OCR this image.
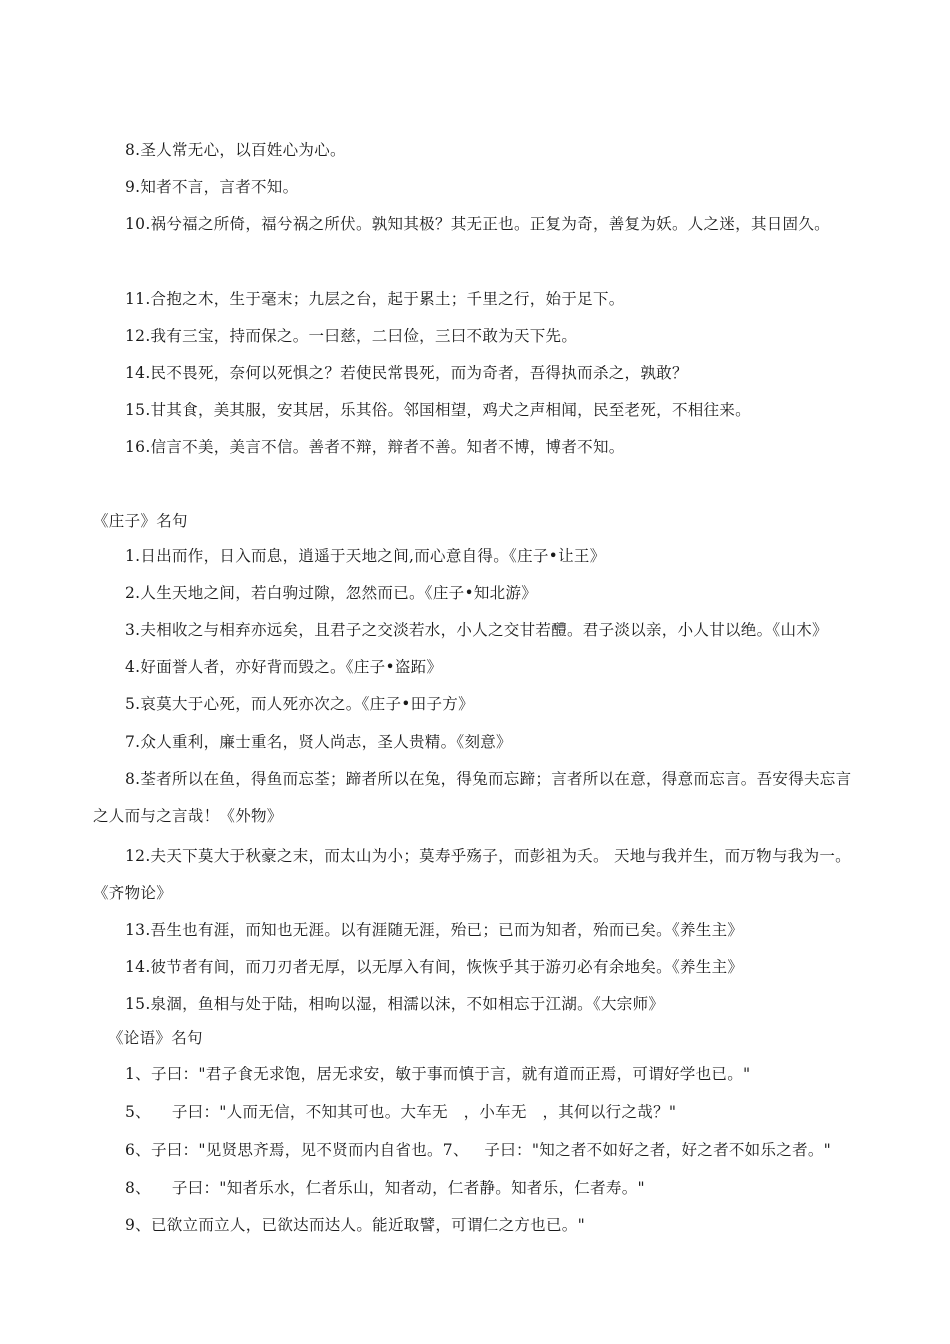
8.圣人常无心，以百姓心为心。
9.知者不言，言者不知。
10.祸兮福之所倚，福兮祸之所伏。孰知其极？其无正也。正复为奇，善复为妖。人之迷，其日固久。
11.合抱之木，生于毫末；九层之台，起于累土；千里之行，始于足下。
12.我有三宝，持而保之。一曰慈，二曰俭，三曰不敢为天下先。
14.民不畏死，奈何以死惧之？若使民常畏死，而为奇者，吾得执而杀之，孰敢？
15.甘其食，美其服，安其居，乐其俗。邻国相望，鸡犬之声相闻，民至老死，不相往来。
16.信言不美，美言不信。善者不辩，辩者不善。知者不博，博者不知。
《庄子》名句
1.日出而作，日入而息，逍遥于天地之间,而心意自得。《庄子•让王》
2.人生天地之间，若白驹过隙，忽然而已。《庄子•知北游》
3.夫相收之与相弃亦远矣，且君子之交淡若水，小人之交甘若醴。君子淡以亲，小人甘以绝。《山木》
4.好面誉人者，亦好背而毁之。《庄子•盗跖》
5.哀莫大于心死，而人死亦次之。《庄子•田子方》
7.众人重利，廉士重名，贤人尚志，圣人贵精。《刻意》
8.荃者所以在鱼，得鱼而忘荃；蹄者所以在兔，得兔而忘蹄；言者所以在意，得意而忘言。吾安得夫忘言
之人而与之言哉！《外物》
12.夫天下莫大于秋豪之末，而太山为小；莫寿乎殇子，而彭祖为夭。 天地与我并生，而万物与我为一。
《齐物论》
13.吾生也有涯，而知也无涯。以有涯随无涯，殆已；已而为知者，殆而已矣。《养生主》
14.彼节者有间，而刀刃者无厚，以无厚入有间，恢恢乎其于游刃必有余地矣。《养生主》
15.泉涸，鱼相与处于陆，相呴以湿，相濡以沫，不如相忘于江湖。《大宗师》
《论语》名句
1、子曰："君子食无求饱，居无求安，敏于事而慎于言，就有道而正焉，可谓好学也已。"
5、    子曰："人而无信，不知其可也。大车无   ，小车无   ，其何以行之哉？"
6、子曰："见贤思齐焉，见不贤而内自省也。7、   子曰："知之者不如好之者，好之者不如乐之者。"
8、    子曰："知者乐水，仁者乐山，知者动，仁者静。知者乐，仁者寿。"
9、已欲立而立人，已欲达而达人。能近取譬，可谓仁之方也已。"
